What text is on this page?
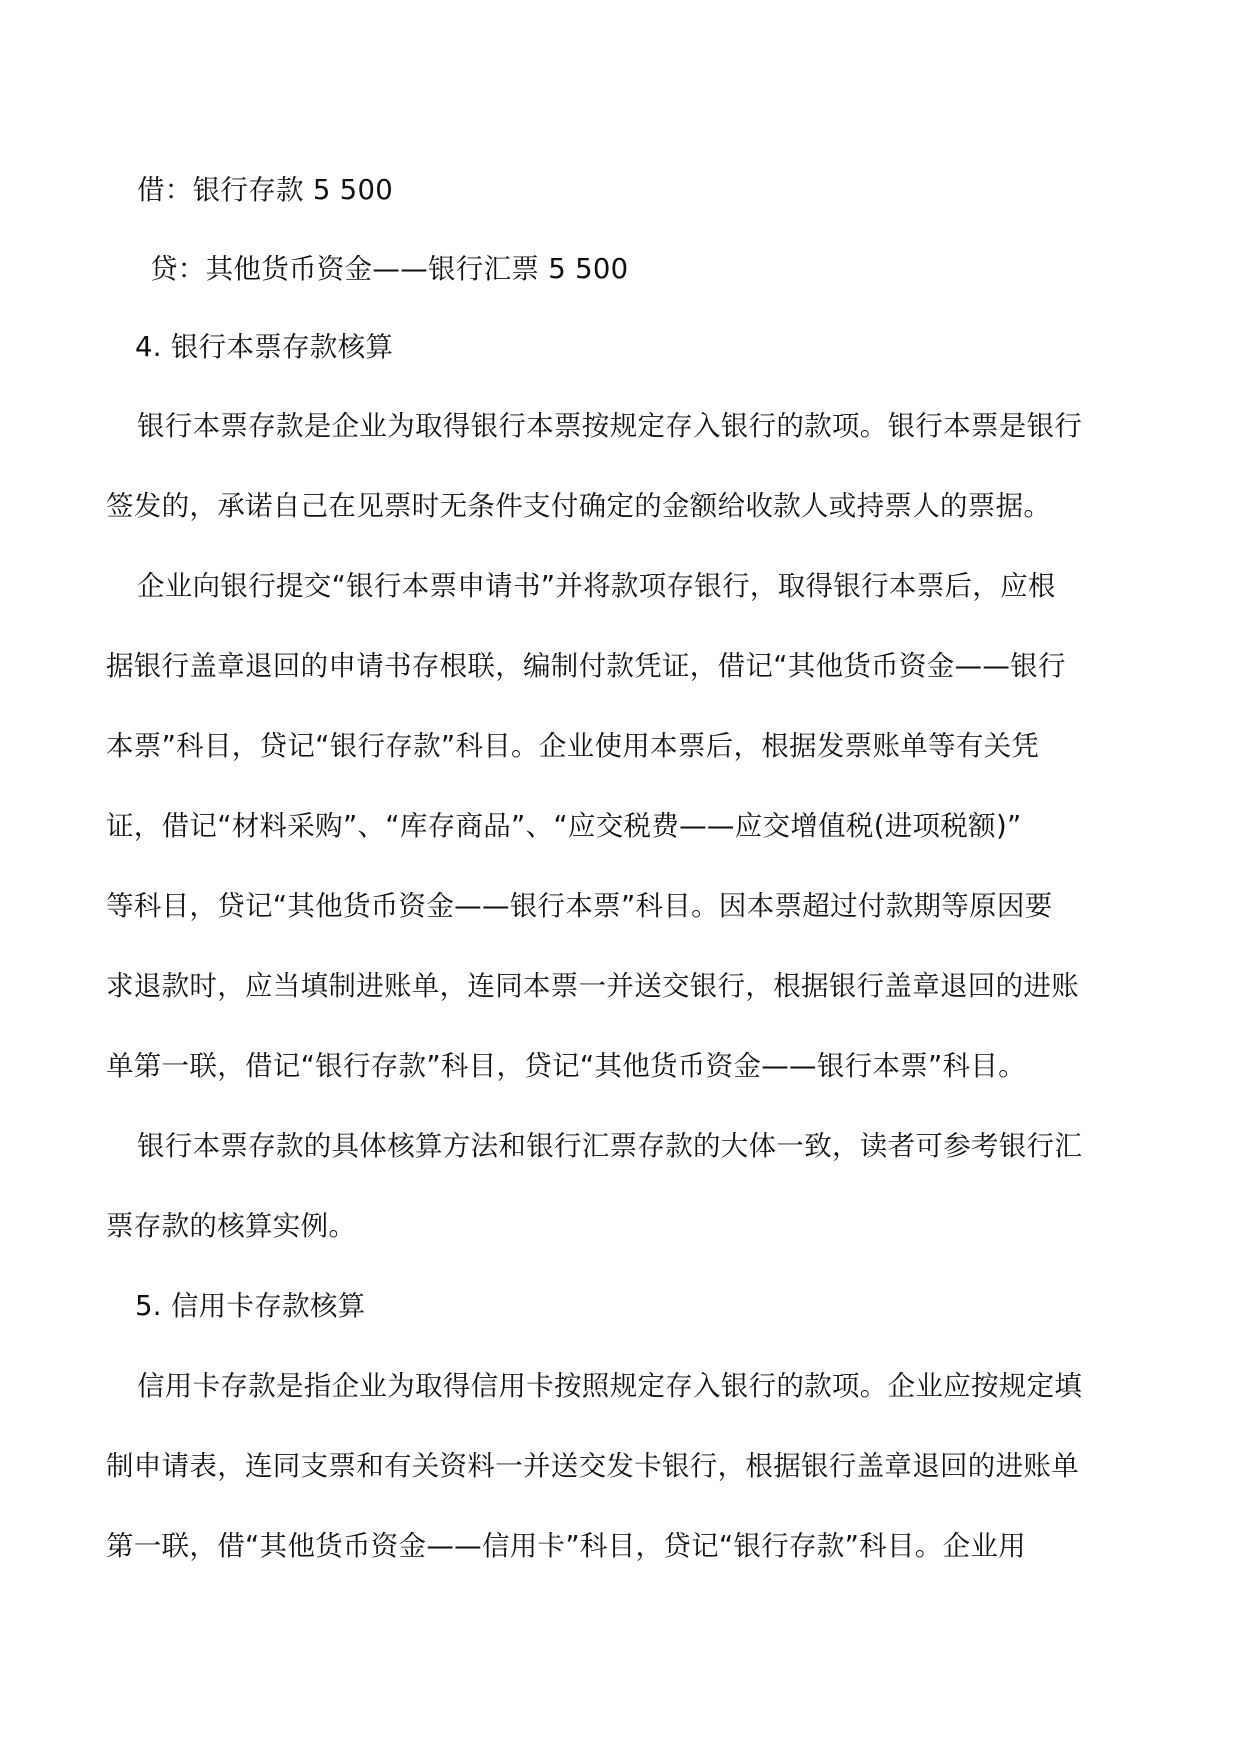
借：银行存款 5 500
贷：其他货币资金——银行汇票 5 500
4. 银行本票存款核算
银行本票存款是企业为取得银行本票按规定存入银行的款项。银行本票是银行
签发的，承诺自己在见票时无条件支付确定的金额给收款人或持票人的票据。
企业向银行提交“银行本票申请书”并将款项存银行，取得银行本票后，应根
据银行盖章退回的申请书存根联，编制付款凭证，借记“其他货币资金——银行
本票”科目，贷记“银行存款”科目。企业使用本票后，根据发票账单等有关凭
证，借记“材料采购”、“库存商品”、“应交税费——应交增值税(进项税额)”
等科目，贷记“其他货币资金——银行本票”科目。因本票超过付款期等原因要
求退款时，应当填制进账单，连同本票一并送交银行，根据银行盖章退回的进账
单第一联，借记“银行存款”科目，贷记“其他货币资金——银行本票”科目。
银行本票存款的具体核算方法和银行汇票存款的大体一致，读者可参考银行汇
票存款的核算实例。
5. 信用卡存款核算
信用卡存款是指企业为取得信用卡按照规定存入银行的款项。企业应按规定填
制申请表，连同支票和有关资料一并送交发卡银行，根据银行盖章退回的进账单
第一联，借“其他货币资金——信用卡”科目，贷记“银行存款”科目。企业用
